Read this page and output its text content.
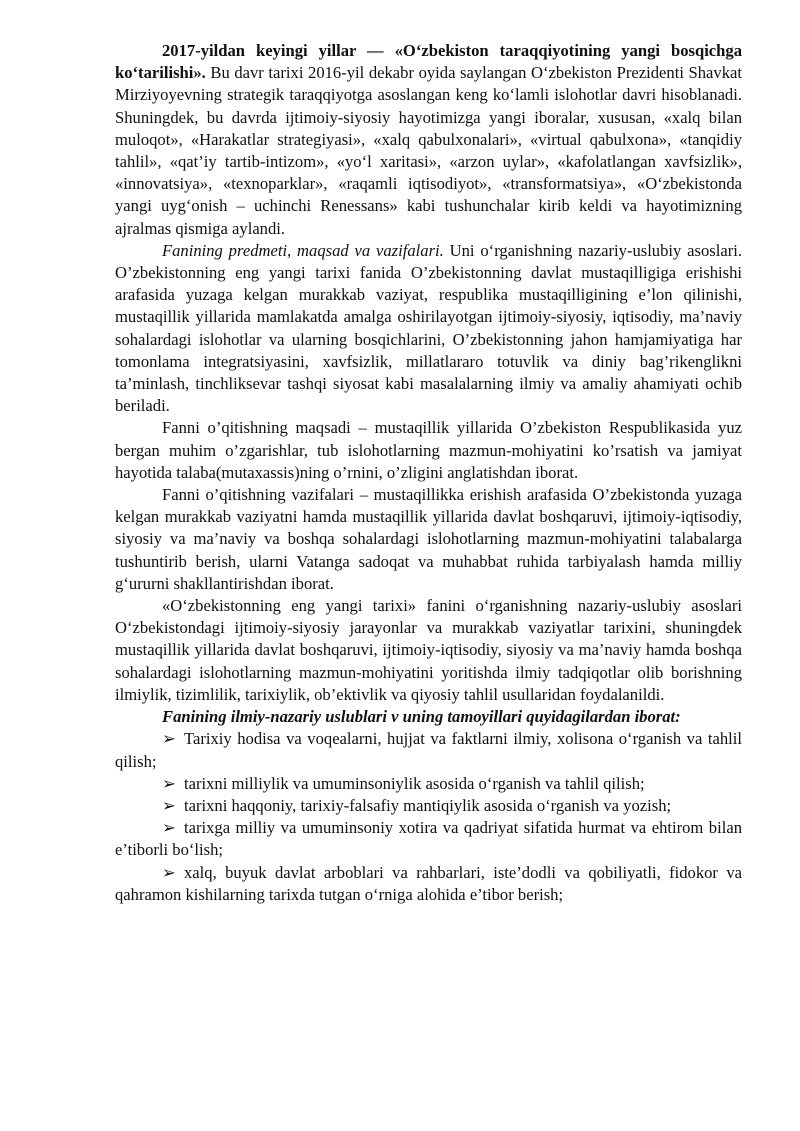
2017-yildan keyingi yillar — «O‘zbekiston taraqqiyotining yangi bosqichga ko‘tarilishi». Bu davr tarixi 2016-yil dekabr oyida saylangan O‘zbekiston Prezidenti Shavkat Mirziyoyevning strategik taraqqiyotga asoslangan keng ko‘lamli islohotlar davri hisoblanadi. Shuningdek, bu davrda ijtimoiy-siyosiy hayotimizga yangi iboralar, xususan, «xalq bilan muloqot», «Harakatlar strategiyasi», «xalq qabulxonalari», «virtual qabulxona», «tanqidiy tahlil», «qat’iy tartib-intizom», «yo‘l xaritasi», «arzon uylar», «kafolatlangan xavfsizlik», «innovatsiya», «texnoparklar», «raqamli iqtisodiyot», «transformatsiya», «O‘zbekistonda yangi uyg‘onish – uchinchi Renessans» kabi tushunchalar kirib keldi va hayotimizning ajralmas qismiga aylandi.

Fanining predmeti, maqsad va vazifalari. Uni o‘rganishning nazariy-uslubiy asoslari. O’zbekistonning eng yangi tarixi fanida O’zbekistonning davlat mustaqilligiga erishishi arafasida yuzaga kelgan murakkab vaziyat, respublika mustaqilligining e’lon qilinishi, mustaqillik yillarida mamlakatda amalga oshirilayotgan ijtimoiy-siyosiy, iqtisodiy, ma’naviy sohalardagi islohotlar va ularning bosqichlarini, O’zbekistonning jahon hamjamiyatiga har tomonlama integratsiyasini, xavfsizlik, millatlararo totuvlik va diniy bag’rikenglikni ta’minlash, tinchliksevar tashqi siyosat kabi masalalarning ilmiy va amaliy ahamiyati ochib beriladi.

Fanni o’qitishning maqsadi – mustaqillik yillarida O’zbekiston Respublikasida yuz bergan muhim o’zgarishlar, tub islohotlarning mazmun-mohiyatini ko’rsatish va jamiyat hayotida talaba(mutaxassis)ning o’rnini, o’zligini anglatishdan iborat.

Fanni o’qitishning vazifalari – mustaqillikka erishish arafasida O’zbekistonda yuzaga kelgan murakkab vaziyatni hamda mustaqillik yillarida davlat boshqaruvi, ijtimoiy-iqtisodiy, siyosiy va ma’naviy va boshqa sohalardagi islohotlarning mazmun-mohiyatini talabalarga tushuntirib berish, ularni Vatanga sadoqat va muhabbat ruhida tarbiyalash hamda milliy g‘ururni shakllantirishdan iborat.

«O‘zbekistonning eng yangi tarixi» fanini o‘rganishning nazariy-uslubiy asoslari O‘zbekistondagi ijtimoiy-siyosiy jarayonlar va murakkab vaziyatlar tarixini, shuningdek mustaqillik yillarida davlat boshqaruvi, ijtimoiy-iqtisodiy, siyosiy va ma’naviy hamda boshqa sohalardagi islohotlarning mazmun-mohiyatini yoritishda ilmiy tadqiqotlar olib borishning ilmiylik, tizimlilik, tarixiylik, ob’ektivlik va qiyosiy tahlil usullaridan foydalanildi.

Fanining ilmiy-nazariy uslublari v uning tamoyillari quyidagilardan iborat:

➢ Tarixiy hodisa va voqealarni, hujjat va faktlarni ilmiy, xolisona o‘rganish va tahlil qilish;

➢ tarixni milliylik va umuminsoniylik asosida o‘rganish va tahlil qilish;

➢ tarixni haqqoniy, tarixiy-falsafiy mantiqiylik asosida o‘rganish va yozish;

➢ tarixga milliy va umuminsoniy xotira va qadriyat sifatida hurmat va ehtirom bilan e’tiborli bo‘lish;

➢ xalq, buyuk davlat arboblari va rahbarlari, iste’dodli va qobiliyatli, fidokor va qahramon kishilarning tarixda tutgan o‘rniga alohida e’tibor berish;
